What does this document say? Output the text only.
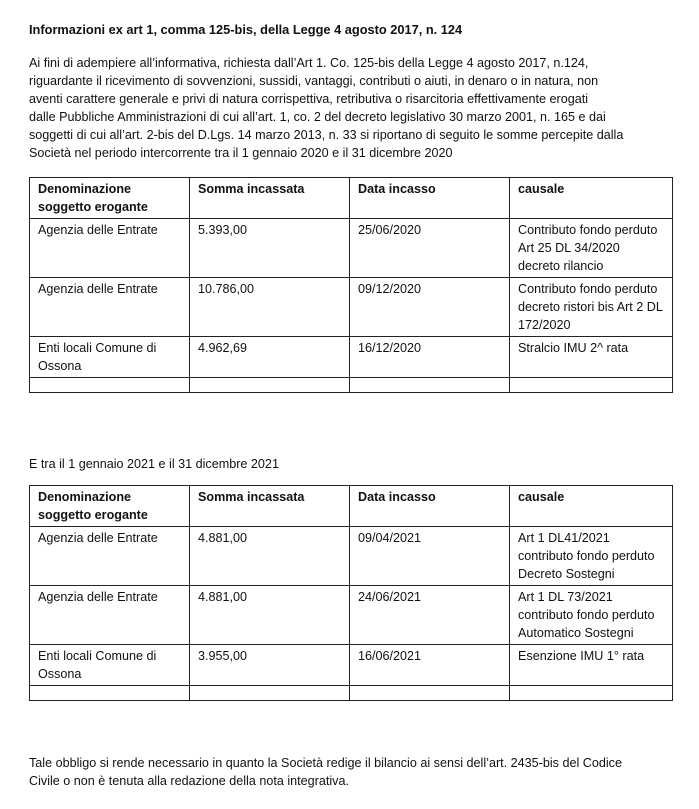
Informazioni ex art 1, comma 125-bis, della Legge 4 agosto 2017, n. 124
Ai fini di adempiere all’informativa, richiesta dall’Art 1. Co. 125-bis della Legge 4 agosto 2017, n.124,
riguardante il ricevimento di sovvenzioni, sussidi, vantaggi, contributi o aiuti, in denaro o in natura, non
aventi carattere generale e privi di natura corrispettiva, retributiva o risarcitoria effettivamente erogati
dalle Pubbliche Amministrazioni di cui all’art. 1, co. 2 del decreto legislativo 30 marzo 2001, n. 165 e dai
soggetti di cui all’art. 2-bis del D.Lgs. 14 marzo 2013, n. 33 si riportano di seguito le somme percepite dalla
Società nel periodo intercorrente tra il 1 gennaio 2020 e il 31 dicembre 2020
Denominazione soggetto erogante	Somma incassata	Data incasso	causale
Agenzia delle Entrate	5.393,00	25/06/2020	Contributo fondo perduto Art 25 DL 34/2020 decreto rilancio
Agenzia delle Entrate	10.786,00	09/12/2020	Contributo fondo perduto decreto ristori bis Art 2 DL 172/2020
Enti locali Comune di Ossona	4.962,69	16/12/2020	Stralcio IMU 2^ rata

E tra il 1 gennaio 2021 e il 31 dicembre 2021
Denominazione soggetto erogante	Somma incassata	Data incasso	causale
Agenzia delle Entrate	4.881,00	09/04/2021	Art 1 DL41/2021 contributo fondo perduto Decreto Sostegni
Agenzia delle Entrate	4.881,00	24/06/2021	Art 1 DL 73/2021 contributo fondo perduto Automatico Sostegni
Enti locali Comune di Ossona	3.955,00	16/06/2021	Esenzione IMU 1° rata

Tale obbligo si rende necessario in quanto la Società redige il bilancio ai sensi dell’art. 2435-bis del Codice
Civile o non è tenuta alla redazione della nota integrativa.
